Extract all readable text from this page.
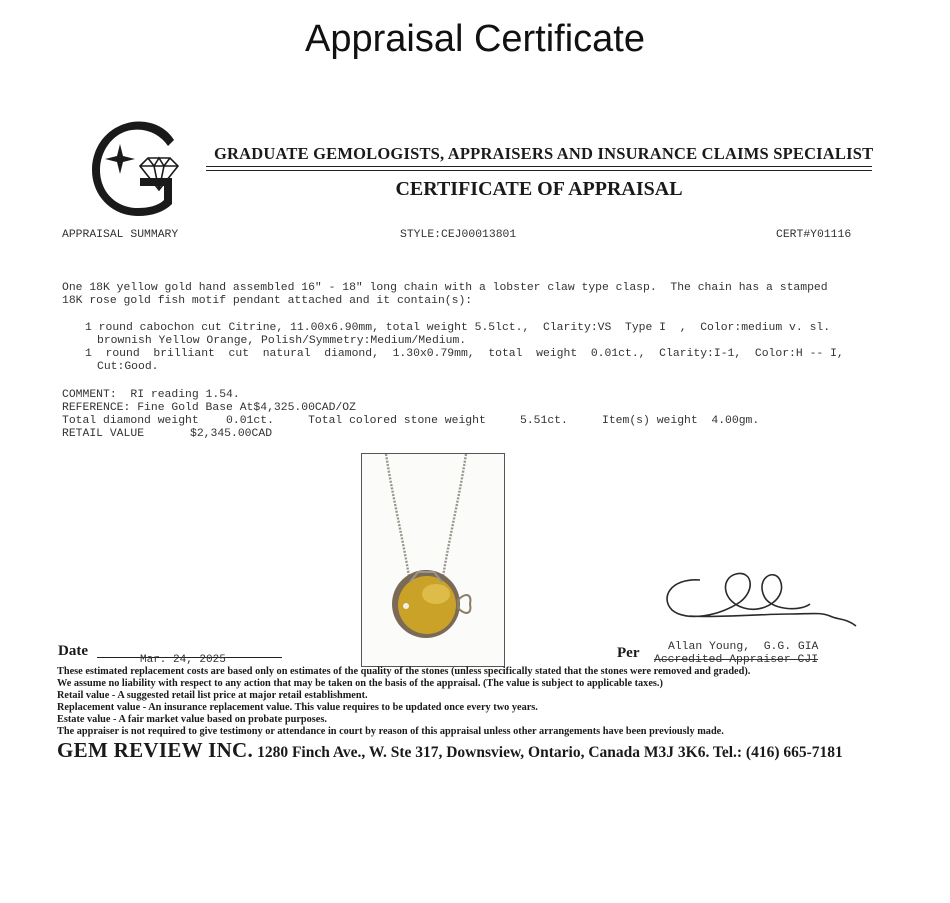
Appraisal Certificate
GRADUATE GEMOLOGISTS, APPRAISERS AND INSURANCE CLAIMS SPECIALIST
CERTIFICATE OF APPRAISAL
APPRAISAL SUMMARY	STYLE:CEJ00013801	CERT#Y01116
One 18K yellow gold hand assembled 16" - 18" long chain with a lobster claw type clasp.  The chain has a stamped
18K rose gold fish motif pendant attached and it contain(s):
1 round cabochon cut Citrine, 11.00x6.90mm, total weight 5.5lct.,  Clarity:VS  Type I  ,  Color:medium v. sl.
brownish Yellow Orange, Polish/Symmetry:Medium/Medium.
1  round  brilliant  cut  natural  diamond,  1.30x0.79mm,  total  weight  0.01ct.,  Clarity:I-1,  Color:H -- I,
Cut:Good.
COMMENT:  RI reading 1.54.
REFERENCE: Fine Gold Base At$4,325.00CAD/OZ
Total diamond weight    0.01ct.     Total colored stone weight     5.51ct.     Item(s) weight  4.00gm.
RETAIL VALUE	$2,345.00CAD
Date
Mar. 24, 2025	Per	Allan Young,  G.G. GIA
Accredited Appraiser CJI
These estimated replacement costs are based only on estimates of the quality of the stones (unless specifically stated that the stones were removed and graded).
We assume no liability with respect to any action that may be taken on the basis of the appraisal. (The value is subject to applicable taxes.)
Retail value - A suggested retail list price at major retail establishment.
Replacement value - An insurance replacement value. This value requires to be updated once every two years.
Estate value - A fair market value based on probate purposes.
The appraiser is not required to give testimony or attendance in court by reason of this appraisal unless other arrangements have been previously made.
GEM REVIEW INC. 1280 Finch Ave., W. Ste 317, Downsview, Ontario, Canada M3J 3K6. Tel.: (416) 665-7181
